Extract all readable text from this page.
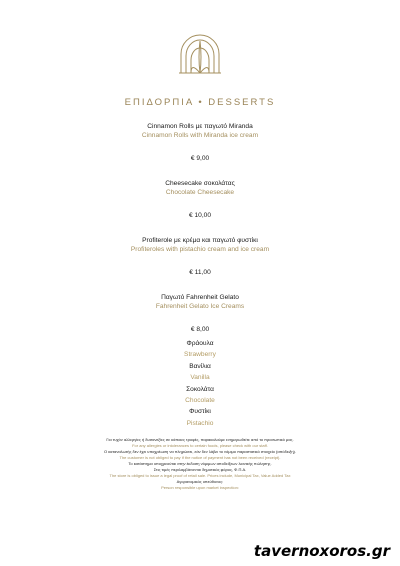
ΕΠΙΔΟΡΠΙΑ • DESSERTS
Cinnamon Rolls με παγωτό Miranda
Cinnamon Rolls with Miranda ice cream
€ 9,00
Cheesecake σοκολάτας
Chocolate Cheesecake
€ 10,00
Profiterole με κρέμα και παγωτό φυστίκι
Profiteroles with pistachio cream and ice cream
€ 11,00
Παγωτό Fahrenheit Gelato
Fahrenheit Gelato Ice Creams
€ 8,00
Φράουλα
Strawberry
Βανίλια
Vanilla
Σοκολάτα
Chocolate
Φυστίκι
Pistachio
Για τυχόν αλλεργίες ή δυσανεξίες σε κάποιες τροφές, παρακαλούμε ενημερωθείτε από το προσωπικό μας.
For any allergies or intolerances to certain foods, please check with our staff.
Ο καταναλωτής δεν έχει υποχρέωση να πληρώσει, εάν δεν λάβει το νόμιμο παραστατικό στοιχείο (απόδειξη).
The customer is not obliged to pay if the notice of payment has not been received (receipt).
Το κατάστημα υποχρεούται στην έκδοση νόμιμων αποδείξεων λιανικής πώλησης.
Στις τιμές περιλαμβάνονται δημοτικός φόρος, Φ.Π.Α.
The store is obliged to issue a legal proof of retail sale. Prices include, Municipal Tax, Value Added Tax
Αγορανομικός υπεύθυνος:
Person responsible upon market inspection:
tavernoxoros.gr
